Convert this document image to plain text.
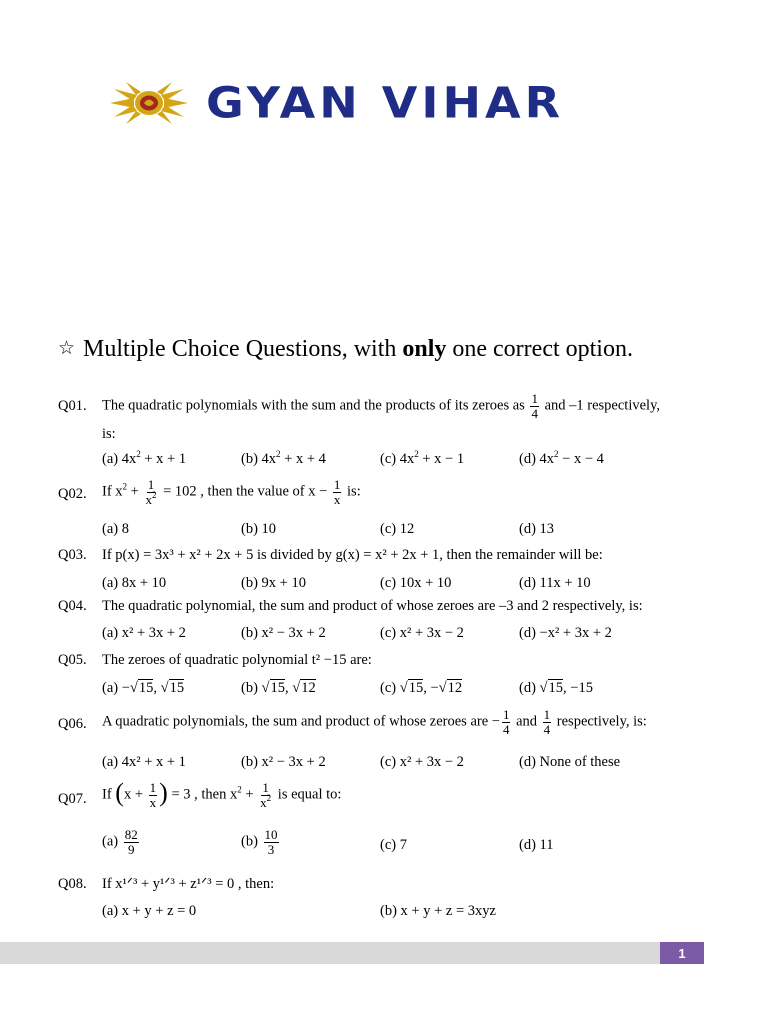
GYAN VIHAR
☆ Multiple Choice Questions, with only one correct option.
Q01. The quadratic polynomials with the sum and the products of its zeroes as $\frac{1}{4}$ and –1 respectively,
is:
(a) $4x^2 + x + 1$	(b) $4x^2 + x + 4$	(c) $4x^2 + x - 1$	(d) $4x^2 - x - 4$
Q02. If $x^2 + \frac{1}{x^2} = 102$ , then the value of $x - \frac{1}{x}$ is:
(a) 8	(b) 10	(c) 12	(d) 13
Q03. If p(x) = 3x³ + x² + 2x + 5 is divided by g(x) = x² + 2x + 1, then the remainder will be:
(a) 8x + 10	(b) 9x + 10	(c) 10x + 10	(d) 11x + 10
Q04. The quadratic polynomial, the sum and product of whose zeroes are –3 and 2 respectively, is:
(a) x² + 3x + 2	(b) x² − 3x + 2	(c) x² + 3x − 2	(d) −x² + 3x + 2
Q05. The zeroes of quadratic polynomial t² −15 are:
(a) −√15, √15	(b) √15, √12	(c) √15, −√12	(d) √15, −15
Q06. A quadratic polynomials, the sum and product of whose zeroes are − $\frac{1}{4}$ and $\frac{1}{4}$ respectively, is:
(a) 4x² + x + 1	(b) x² − 3x + 2	(c) x² + 3x − 2	(d) None of these
Q07. If ($x + \frac{1}{x}$ ) = 3 , then $x^2 + \frac{1}{x^2}$ is equal to:
$(a) \frac{82}{9}$	$(b) \frac{10}{3}$	(c) 7	(d) 11
Q08. If x¹ᐟ³ + y¹ᐟ³ + z¹ᐟ³ = 0 , then:
(a) x + y + z = 0	(b) x + y + z = 3xyz
1
